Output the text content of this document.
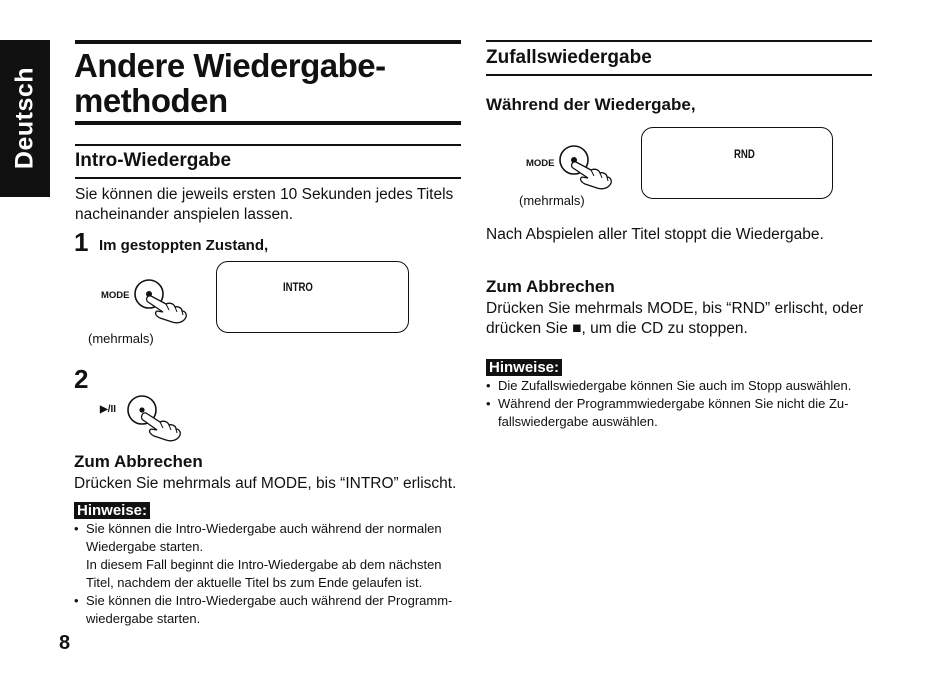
Deutsch
Andere Wiedergabe-
methoden
Intro-Wiedergabe
Sie können die jeweils ersten 10 Sekunden jedes Titels
nacheinander anspielen lassen.
1 Im gestoppten Zustand,
MODE
(mehrmals)
INTRO
2
▶/II
Zum Abbrechen
Drücken Sie mehrmals auf MODE, bis “INTRO” erlischt.
Hinweise:
• Sie können die Intro-Wiedergabe auch während der normalen
Wiedergabe starten.
In diesem Fall beginnt die Intro-Wiedergabe ab dem nächsten
Titel, nachdem der aktuelle Titel bs zum Ende gelaufen ist.
• Sie können die Intro-Wiedergabe auch während der Programm-
wiedergabe starten.
8
Zufallswiedergabe
Während der Wiedergabe,
MODE
(mehrmals)
RND
Nach Abspielen aller Titel stoppt die Wiedergabe.
Zum Abbrechen
Drücken Sie mehrmals MODE, bis “RND” erlischt, oder
drücken Sie ■, um die CD zu stoppen.
Hinweise:
• Die Zufallswiedergabe können Sie auch im Stopp auswählen.
• Während der Programmwiedergabe können Sie nicht die Zu-
fallswiedergabe auswählen.
